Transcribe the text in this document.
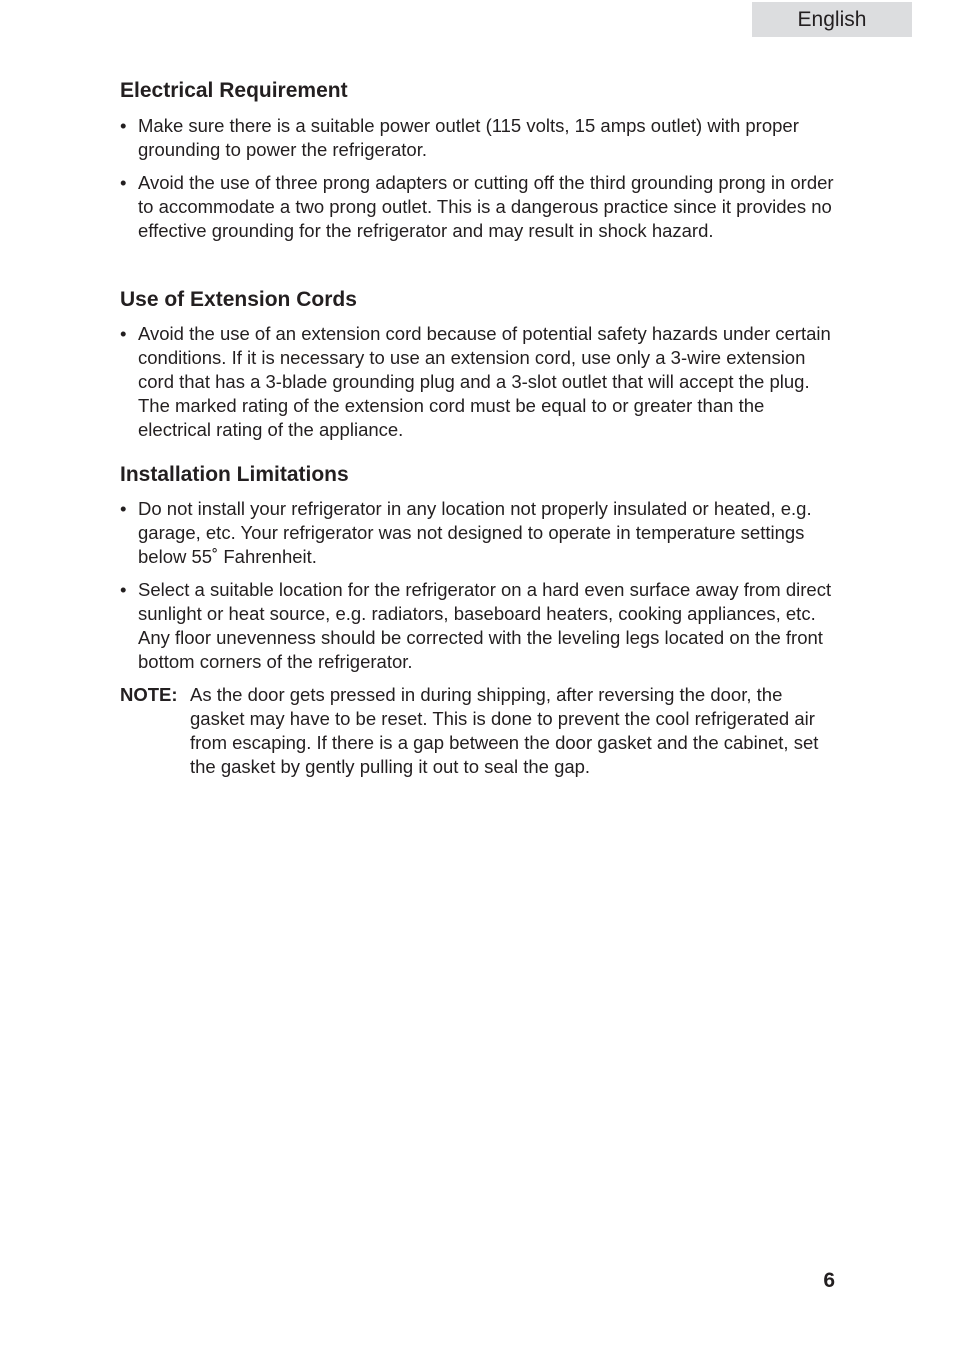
English
Electrical Requirement
• Make sure there is a suitable power outlet (115 volts, 15 amps outlet) with proper grounding to power the refrigerator.
• Avoid the use of three prong adapters or cutting off the third grounding prong in order to accommodate a two prong outlet. This is a dangerous practice since it provides no effective grounding for the refrigerator and may result in shock hazard.
Use of Extension Cords
• Avoid the use of an extension cord because of potential safety hazards under certain conditions. If it is necessary to use an extension cord, use only a 3-wire extension cord that has a 3-blade grounding plug and a 3-slot outlet that will accept the plug. The marked rating of the extension cord must be equal to or greater than the electrical rating of the appliance.
Installation Limitations
• Do not install your refrigerator in any location not properly insulated or heated, e.g. garage, etc. Your refrigerator was not designed to operate in temperature settings below 55˚ Fahrenheit.
• Select a suitable location for the refrigerator on a hard even surface away from direct sunlight or heat source, e.g. radiators, baseboard heaters, cooking appliances, etc. Any floor unevenness should be corrected with the leveling legs located on the front bottom corners of the refrigerator.
NOTE: As the door gets pressed in during shipping, after reversing the door, the gasket may have to be reset. This is done to prevent the cool refrigerated air from escaping. If there is a gap between the door gasket and the cabinet, set the gasket by gently pulling it out to seal the gap.
6
